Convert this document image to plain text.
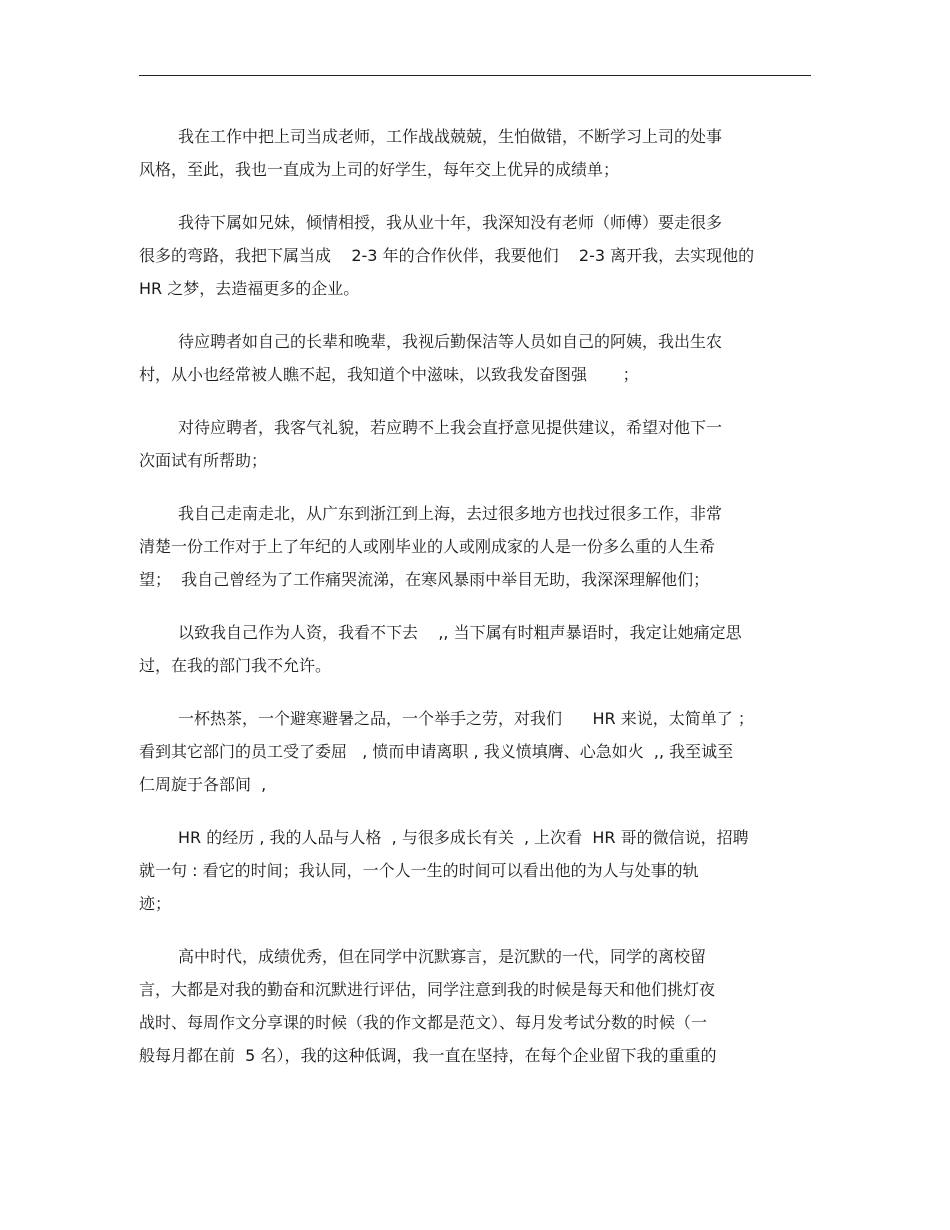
我在工作中把上司当成老师，工作战战兢兢，生怕做错，不断学习上司的处事
风格，至此，我也一直成为上司的好学生，每年交上优异的成绩单；
我待下属如兄妹，倾情相授，我从业十年，我深知没有老师（师傅）要走很多
很多的弯路，我把下属当成    2-3 年的合作伙伴，我要他们    2-3 离开我，去实现他的
HR 之梦，去造福更多的企业。
待应聘者如自己的长辈和晚辈，我视后勤保洁等人员如自己的阿姨，我出生农
村，从小也经常被人瞧不起，我知道个中滋味，以致我发奋图强       ；
对待应聘者，我客气礼貌，若应聘不上我会直抒意见提供建议，希望对他下一
次面试有所帮助；
我自己走南走北，从广东到浙江到上海，去过很多地方也找过很多工作，非常
清楚一份工作对于上了年纪的人或刚毕业的人或刚成家的人是一份多么重的人生希
望；  我自己曾经为了工作痛哭流涕，在寒风暴雨中举目无助，我深深理解他们；
以致我自己作为人资，我看不下去    ,, 当下属有时粗声暴语时，我定让她痛定思
过，在我的部门我不允许。
一杯热茶，一个避寒避暑之品，一个举手之劳，对我们      HR 来说，太简单了 ；
看到其它部门的员工受了委屈   , 愤而申请离职 , 我义愤填膺、心急如火  ,, 我至诚至
仁周旋于各部间  ,
HR 的经历 , 我的人品与人格  , 与很多成长有关  , 上次看  HR 哥的微信说，招聘
就一句 : 看它的时间；我认同，一个人一生的时间可以看出他的为人与处事的轨
迹；
高中时代，成绩优秀，但在同学中沉默寡言，是沉默的一代，同学的离校留
言，大都是对我的勤奋和沉默进行评估，同学注意到我的时候是每天和他们挑灯夜
战时、每周作文分享课的时候（我的作文都是范文）、每月发考试分数的时候（一
般每月都在前  5 名），我的这种低调，我一直在坚持，在每个企业留下我的重重的
